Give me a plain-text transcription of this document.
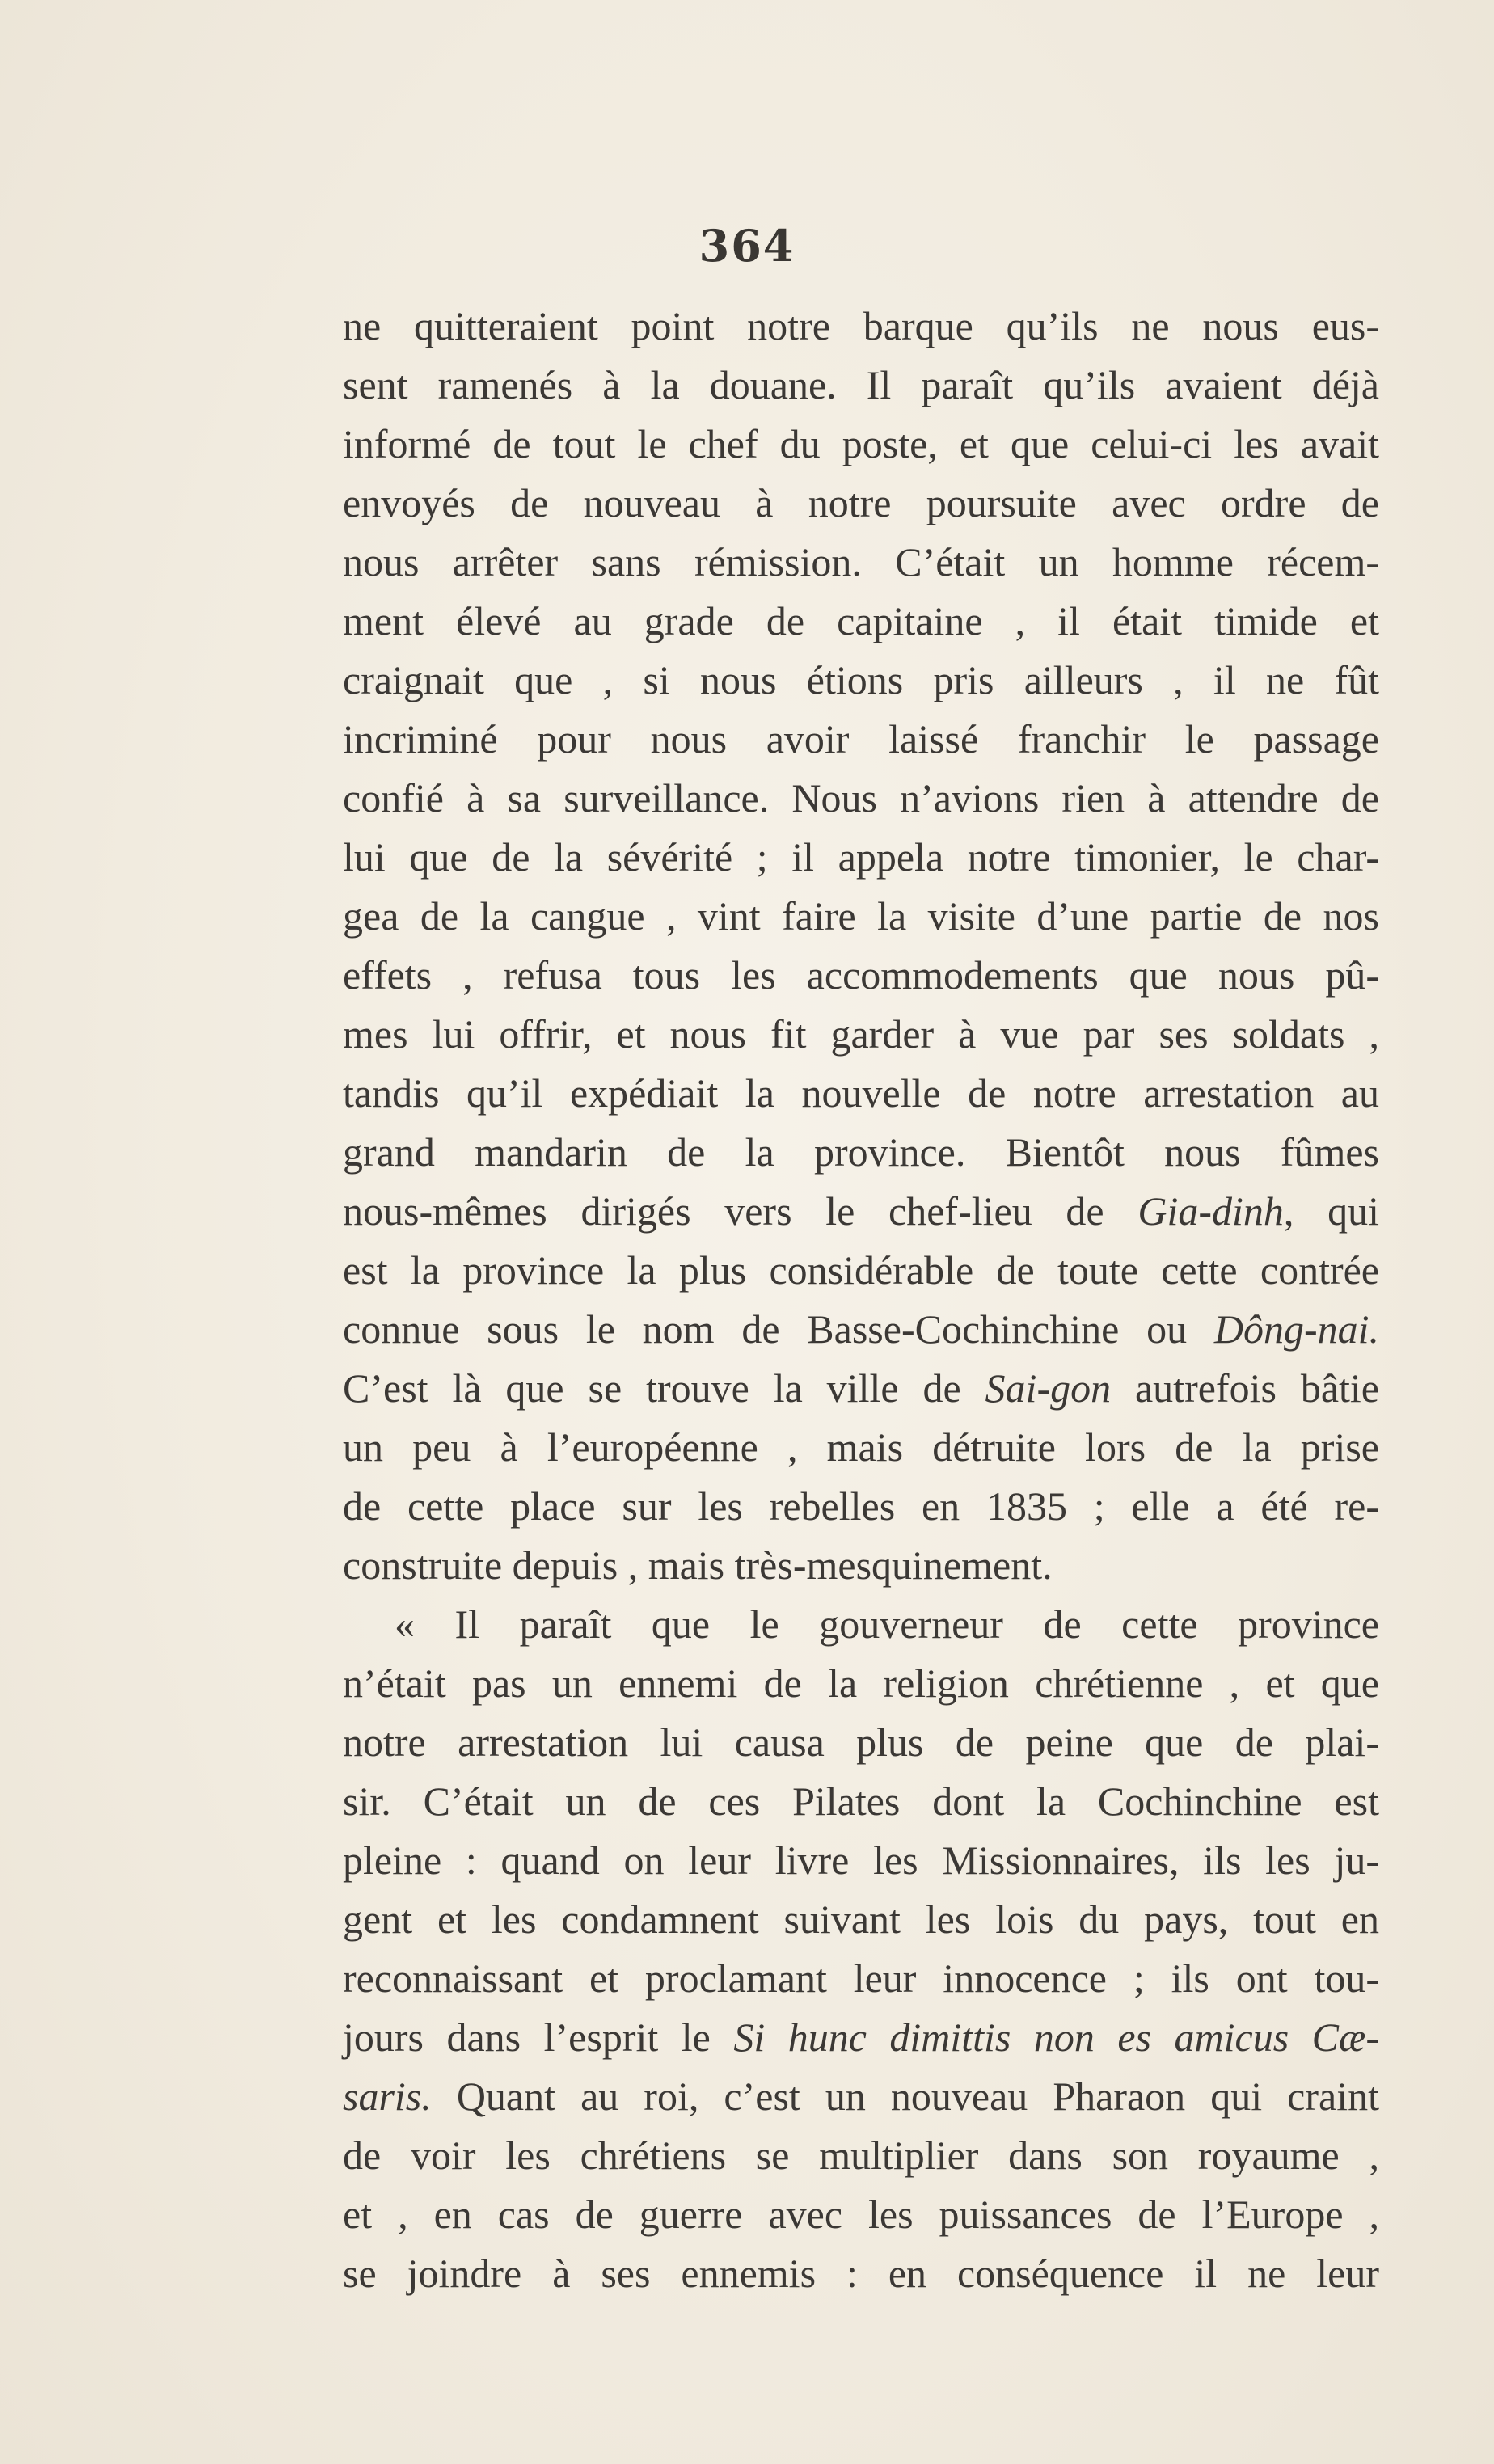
364
ne quitteraient point notre barque qu’ils ne nous eus-
sent ramenés à la douane. Il paraît qu’ils avaient déjà
informé de tout le chef du poste, et que celui-ci les avait
envoyés de nouveau à notre poursuite avec ordre de
nous arrêter sans rémission. C’était un homme récem-
ment élevé au grade de capitaine , il était timide et
craignait que , si nous étions pris ailleurs , il ne fût
incriminé pour nous avoir laissé franchir le passage
confié à sa surveillance. Nous n’avions rien à attendre de
lui que de la sévérité ; il appela notre timonier, le char-
gea de la cangue , vint faire la visite d’une partie de nos
effets , refusa tous les accommodements que nous pû-
mes lui offrir, et nous fit garder à vue par ses soldats ,
tandis qu’il expédiait la nouvelle de notre arrestation au
grand mandarin de la province. Bientôt nous fûmes
nous-mêmes dirigés vers le chef-lieu de Gia-dinh, qui
est la province la plus considérable de toute cette contrée
connue sous le nom de Basse-Cochinchine ou Dông-nai.
C’est là que se trouve la ville de Sai-gon autrefois bâtie
un peu à l’européenne , mais détruite lors de la prise
de cette place sur les rebelles en 1835 ; elle a été re-
construite depuis , mais très-mesquinement.
« Il paraît que le gouverneur de cette province
n’était pas un ennemi de la religion chrétienne , et que
notre arrestation lui causa plus de peine que de plai-
sir. C’était un de ces Pilates dont la Cochinchine est
pleine : quand on leur livre les Missionnaires, ils les ju-
gent et les condamnent suivant les lois du pays, tout en
reconnaissant et proclamant leur innocence ; ils ont tou-
jours dans l’esprit le Si hunc dimittis non es amicus Cæ-
saris. Quant au roi, c’est un nouveau Pharaon qui craint
de voir les chrétiens se multiplier dans son royaume ,
et , en cas de guerre avec les puissances de l’Europe ,
se joindre à ses ennemis : en conséquence il ne leur
